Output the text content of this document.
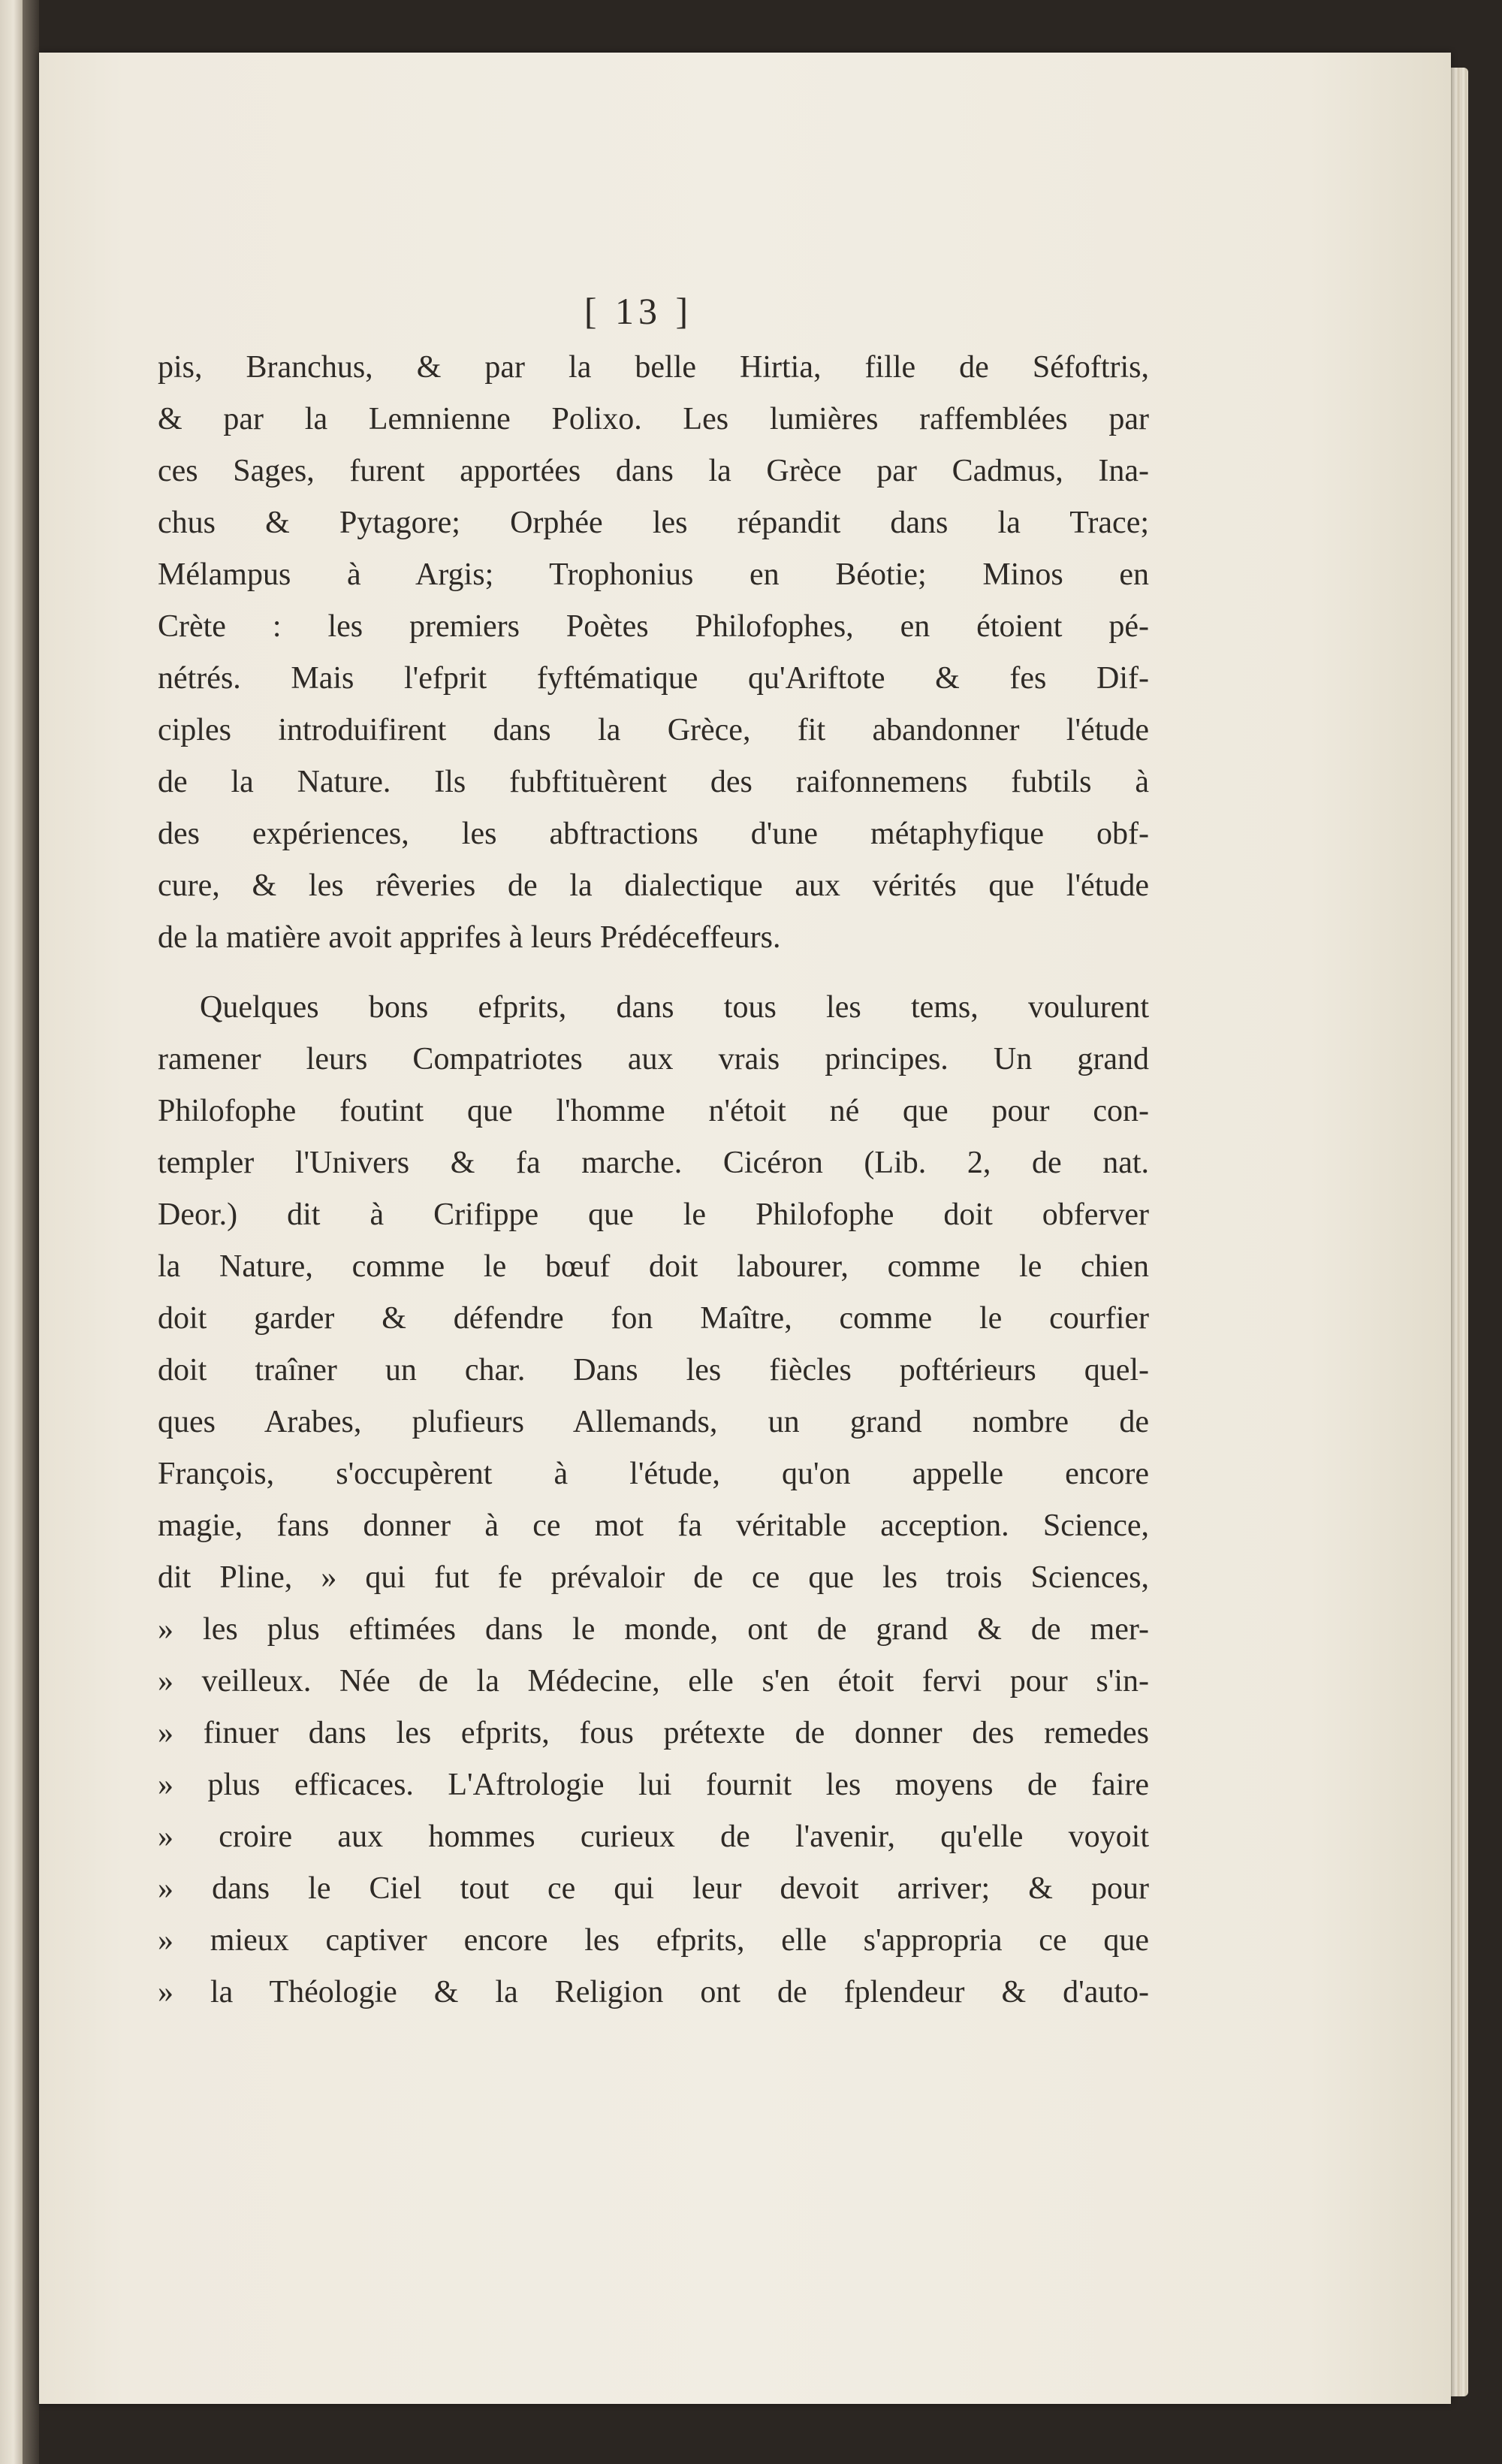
[ 13 ]
pis, Branchus, & par la belle Hirtia, fille de Séfoftris,
& par la Lemnienne Polixo. Les lumières raffemblées par
ces Sages, furent apportées dans la Grèce par Cadmus, Ina-
chus & Pytagore; Orphée les répandit dans la Trace;
Mélampus à Argis; Trophonius en Béotie; Minos en
Crète : les premiers Poètes Philofophes, en étoient pé-
nétrés. Mais l'efprit fyftématique qu'Ariftote & fes Dif-
ciples introduifirent dans la Grèce, fit abandonner l'étude
de la Nature. Ils fubftituèrent des raifonnemens fubtils à
des expériences, les abftractions d'une métaphyfique obf-
cure, & les rêveries de la dialectique aux vérités que l'étude
de la matière avoit apprifes à leurs Prédéceffeurs.
Quelques bons efprits, dans tous les tems, voulurent
ramener leurs Compatriotes aux vrais principes. Un grand
Philofophe foutint que l'homme n'étoit né que pour con-
templer l'Univers & fa marche. Cicéron (Lib. 2, de nat.
Deor.) dit à Crifippe que le Philofophe doit obferver
la Nature, comme le bœuf doit labourer, comme le chien
doit garder & défendre fon Maître, comme le courfier
doit traîner un char. Dans les fiècles poftérieurs quel-
ques Arabes, plufieurs Allemands, un grand nombre de
François, s'occupèrent à l'étude, qu'on appelle encore
magie, fans donner à ce mot fa véritable acception. Science,
dit Pline, » qui fut fe prévaloir de ce que les trois Sciences,
» les plus eftimées dans le monde, ont de grand & de mer-
» veilleux. Née de la Médecine, elle s'en étoit fervi pour s'in-
» finuer dans les efprits, fous prétexte de donner des remedes
» plus efficaces. L'Aftrologie lui fournit les moyens de faire
» croire aux hommes curieux de l'avenir, qu'elle voyoit
» dans le Ciel tout ce qui leur devoit arriver; & pour
» mieux captiver encore les efprits, elle s'appropria ce que
» la Théologie & la Religion ont de fplendeur & d'auto-
